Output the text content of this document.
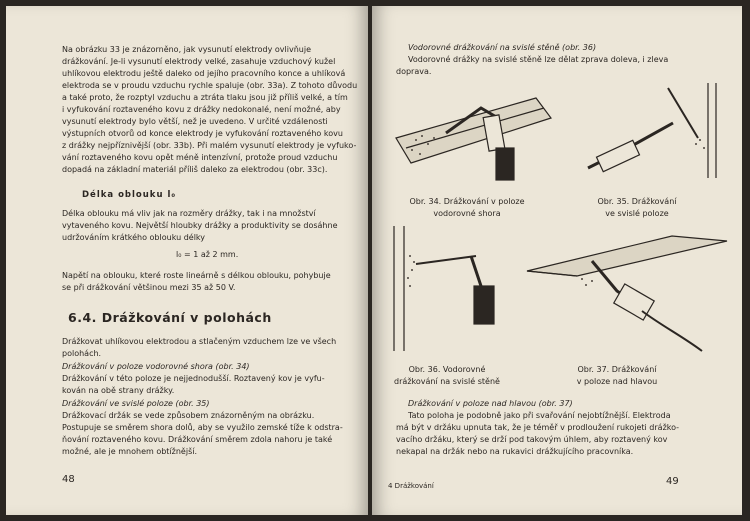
Na obrázku 33 je znázorněno, jak vysunutí elektrody ovlivňuje
drážkování. Je-li vysunutí elektrody velké, zasahuje vzduchový kužel
uhlíkovou elektrodu ještě daleko od jejího pracovního konce a uhlíková
elektroda se v proudu vzduchu rychle spaluje (obr. 33a). Z tohoto důvodu
a také proto, že rozptyl vzduchu a ztráta tlaku jsou již příliš velké, a tím
i vyfukování roztaveného kovu z drážky nedokonalé, není možné, aby
vysunutí elektrody bylo větší, než je uvedeno. V určité vzdálenosti
výstupních otvorů od konce elektrody je vyfukování roztaveného kovu
z drážky nejpříznivější (obr. 33b). Při malém vysunutí elektrody je vyfuko-
vání roztaveného kovu opět méně intenzívní, protože proud vzduchu
dopadá na základní materiál příliš daleko za elektrodou (obr. 33c).
Délka oblouku l₀
Délka oblouku má vliv jak na rozměry drážky, tak i na množství
vytaveného kovu. Největší hloubky drážky a produktivity se dosáhne
udržováním krátkého oblouku délky
l₀ = 1 až 2 mm.
Napětí na oblouku, které roste lineárně s délkou oblouku, pohybuje
se při drážkování většinou mezi 35 až 50 V.
6.4. Drážkování v polohách
Drážkovat uhlíkovou elektrodou a stlačeným vzduchem lze ve všech
polohách.
Drážkování v poloze vodorovné shora (obr. 34)
Drážkování v této poloze je nejjednodušší. Roztavený kov je vyfu-
kován na obě strany drážky.
Drážkování ve svislé poloze (obr. 35)
Drážkovací držák se vede způsobem znázorněným na obrázku.
Postupuje se směrem shora dolů, aby se využilo zemské tíže k odstra-
ňování roztaveného kovu. Drážkování směrem zdola nahoru je také
možné, ale je mnohem obtížnější.
48
Vodorovné drážkování na svislé stěně (obr. 36)
Vodorovné drážky na svislé stěně lze dělat zprava doleva, i zleva
doprava.
Obr. 34. Drážkování v poloze
vodorovné shora
Obr. 35. Drážkování
ve svislé poloze
Obr. 36. Vodorovné
drážkování na svislé stěně
Obr. 37. Drážkování
v poloze nad hlavou
Drážkování v poloze nad hlavou (obr. 37)
Tato poloha je podobně jako při svařování nejobtížnější. Elektroda
má být v držáku upnuta tak, že je téměř v prodloužení rukojeti drážko-
vacího držáku, který se drží pod takovým úhlem, aby roztavený kov
nekapal na držák nebo na rukavici drážkujícího pracovníka.
4 Drážkování	49
